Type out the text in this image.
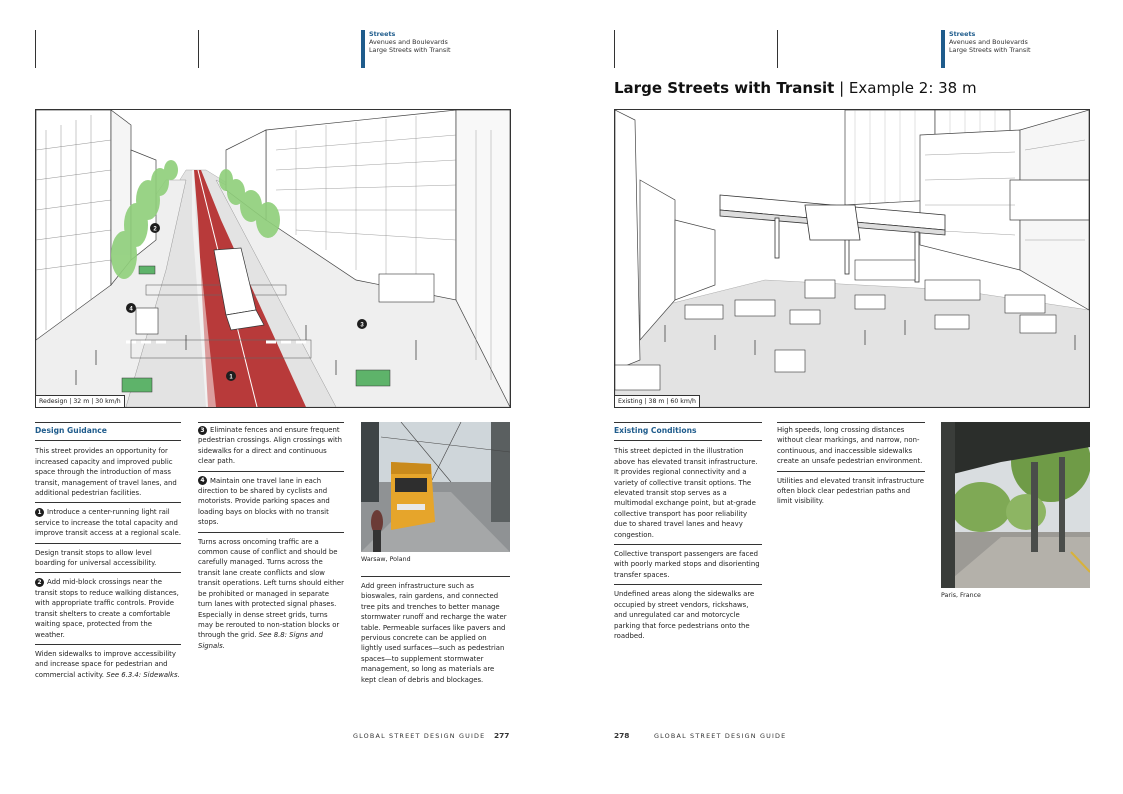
Streets
Avenues and Boulevards
Large Streets with Transit
Streets
Avenues and Boulevards
Large Streets with Transit
Large Streets with Transit | Example 2: 38 m
2
4
3
1
Redesign | 32 m | 30 km/h	Existing | 38 m | 60 km/h
Design Guidance

This street provides an opportunity for increased capacity and improved public space through the introduction of mass transit, management of travel lanes, and additional pedestrian facilities.

1 Introduce a center-running light rail service to increase the total capacity and improve transit access at a regional scale.

Design transit stops to allow level boarding for universal accessibility.

2 Add mid-block crossings near the transit stops to reduce walking distances, with appropriate traffic controls. Provide transit shelters to create a comfortable waiting space, protected from the weather.

Widen sidewalks to improve accessibility and increase space for pedestrian and commercial activity. See 6.3.4: Sidewalks.

3 Eliminate fences and ensure frequent pedestrian crossings. Align crossings with sidewalks for a direct and continuous clear path.

4 Maintain one travel lane in each direction to be shared by cyclists and motorists. Provide parking spaces and loading bays on blocks with no transit stops.

Turns across oncoming traffic are a common cause of conflict and should be carefully managed. Turns across the transit lane create conflicts and slow transit operations. Left turns should either be prohibited or managed in separate turn lanes with protected signal phases. Especially in dense street grids, turns may be rerouted to non-station blocks or through the grid. See 8.8: Signs and Signals.

Warsaw, Poland

Add green infrastructure such as bioswales, rain gardens, and connected tree pits and trenches to better manage stormwater runoff and recharge the water table. Permeable surfaces like pavers and pervious concrete can be applied on lightly used surfaces—such as pedestrian spaces—to supplement stormwater management, so long as materials are kept clean of debris and blockages.

Existing Conditions

This street depicted in the illustration above has elevated transit infrastructure. It provides regional connectivity and a variety of collective transit options. The elevated transit stop serves as a multimodal exchange point, but at-grade collective transport has poor reliability due to shared travel lanes and heavy congestion.

Collective transport passengers are faced with poorly marked stops and disorienting transfer spaces.

Undefined areas along the sidewalks are occupied by street vendors, rickshaws, and unregulated car and motorcycle parking that force pedestrians onto the roadbed.

High speeds, long crossing distances without clear markings, and narrow, non-continuous, and inaccessible sidewalks create an unsafe pedestrian environment.

Utilities and elevated transit infrastructure often block clear pedestrian paths and limit visibility.

Paris, France
GLOBAL STREET DESIGN GUIDE 277	278	GLOBAL STREET DESIGN GUIDE
